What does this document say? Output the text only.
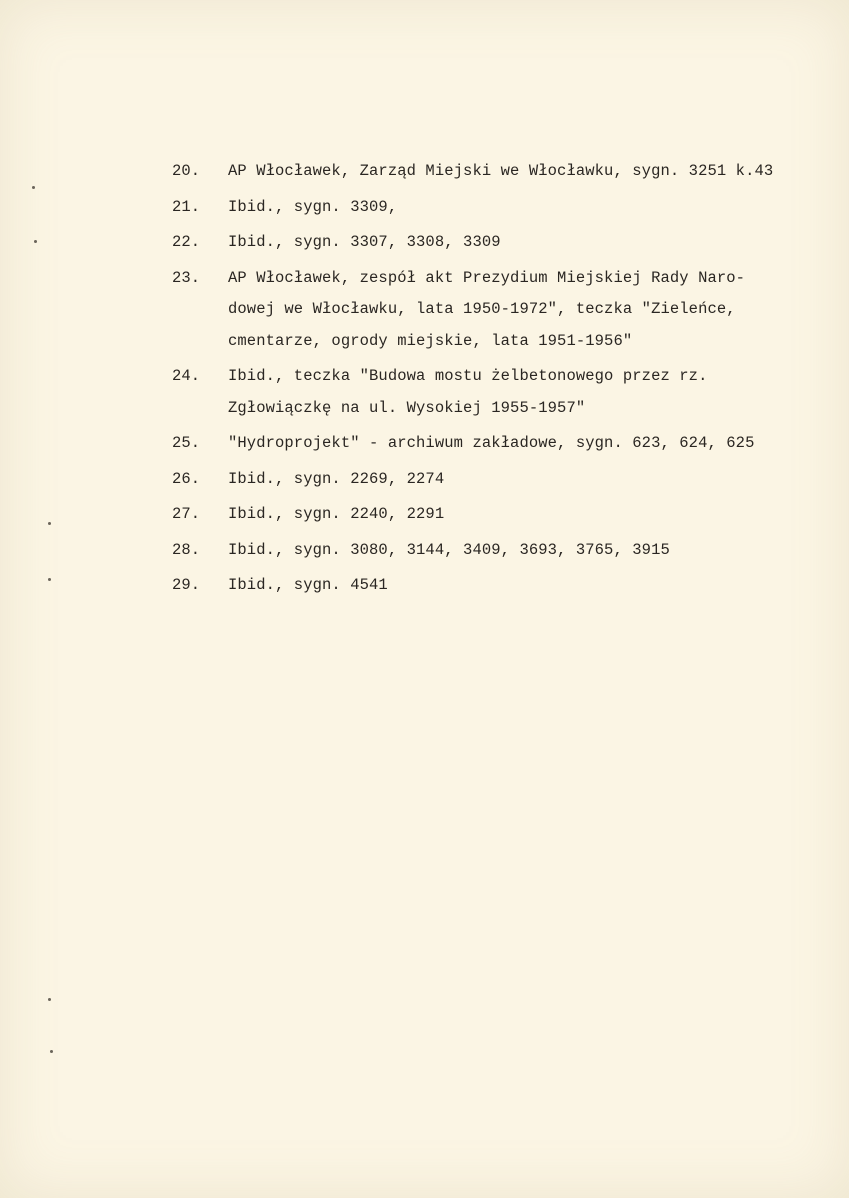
20.	AP Włocławek, Zarząd Miejski we Włocławku, sygn. 3251 k.43
21.	Ibid., sygn. 3309,
22.	Ibid., sygn. 3307, 3308, 3309
23.	AP Włocławek, zespół akt Prezydium Miejskiej Rady Naro-
dowej we Włocławku, lata 1950-1972", teczka "Zieleńce,
cmentarze, ogrody miejskie, lata 1951-1956"
24.	Ibid., teczka "Budowa mostu żelbetonowego przez rz.
Zgłowiączkę na ul. Wysokiej 1955-1957"
25.	"Hydroprojekt" - archiwum zakładowe, sygn. 623, 624, 625
26.	Ibid., sygn. 2269, 2274
27.	Ibid., sygn. 2240, 2291
28.	Ibid., sygn. 3080, 3144, 3409, 3693, 3765, 3915
29.	Ibid., sygn. 4541
